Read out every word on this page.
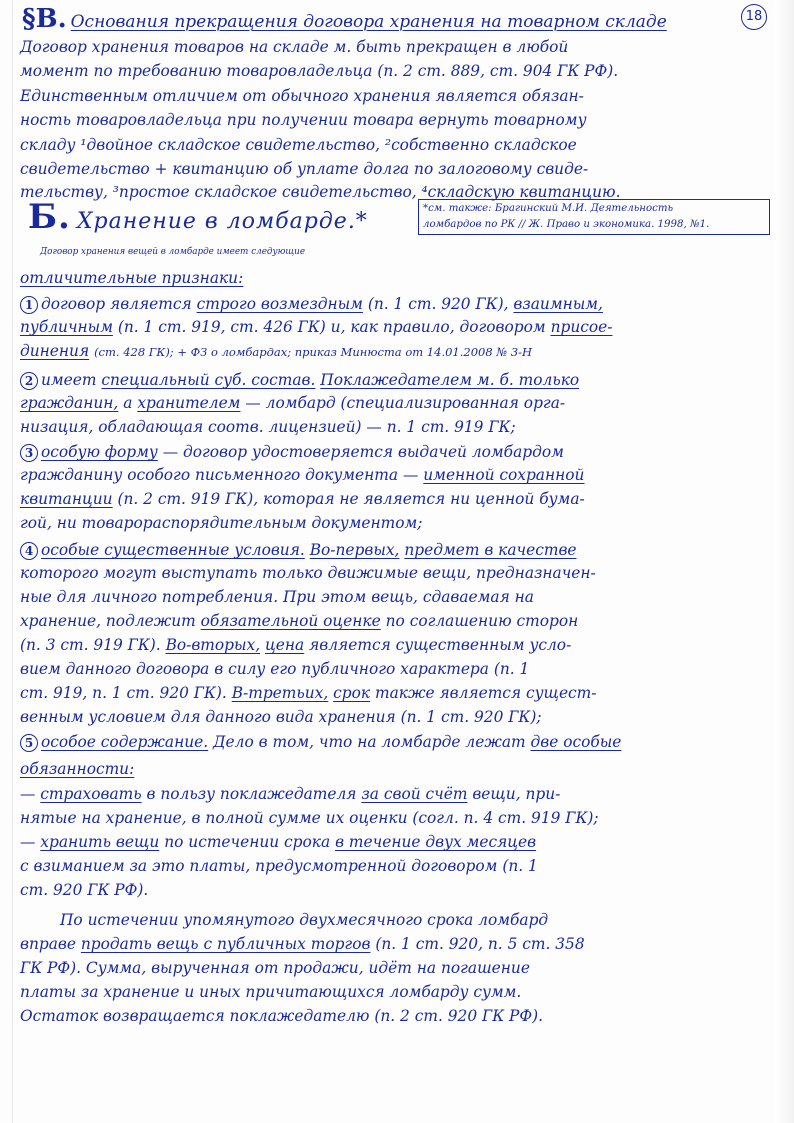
§В. Основания прекращения договора хранения на товарном складе	18
Договор хранения товаров на складе м. быть прекращен в любой
момент по требованию товаровладельца (п. 2 ст. 889, ст. 904 ГК РФ).
Единственным отличием от обычного хранения является обязан-
ность товаровладельца при получении товара вернуть товарному
складу ¹двойное складское свидетельство, ²собственно складское
свидетельство + квитанцию об уплате долга по залоговому свиде-
тельству, ³простое складское свидетельство, ⁴складскую квитанцию.
Б. Хранение в ломбарде.*
*см. также: Брагинский М.И. Деятельность
ломбардов по РК // Ж. Право и экономика. 1998, №1.
Договор хранения вещей в ломбарде имеет следующие
отличительные признаки:
1 договор является строго возмездным (п. 1 ст. 920 ГК), взаимным,
публичным (п. 1 ст. 919, ст. 426 ГК) и, как правило, договором присое-
динения (ст. 428 ГК); + ФЗ о ломбардах; приказ Минюста от 14.01.2008 № 3-Н
2 имеет специальный суб. состав. Поклажедателем м. б. только
гражданин, а хранителем — ломбард (специализированная орга-
низация, обладающая соотв. лицензией) — п. 1 ст. 919 ГК;
3 особую форму — договор удостоверяется выдачей ломбардом
гражданину особого письменного документа — именной сохранной
квитанции (п. 2 ст. 919 ГК), которая не является ни ценной бума-
гой, ни товарораспорядительным документом;
4 особые существенные условия. Во-первых, предмет в качестве
которого могут выступать только движимые вещи, предназначен-
ные для личного потребления. При этом вещь, сдаваемая на
хранение, подлежит обязательной оценке по соглашению сторон
(п. 3 ст. 919 ГК). Во-вторых, цена является существенным усло-
вием данного договора в силу его публичного характера (п. 1
ст. 919, п. 1 ст. 920 ГК). В-третьих, срок также является сущест-
венным условием для данного вида хранения (п. 1 ст. 920 ГК);
5 особое содержание. Дело в том, что на ломбарде лежат две особые
обязанности:
— страховать в пользу поклажедателя за свой счёт вещи, при-
нятые на хранение, в полной сумме их оценки (согл. п. 4 ст. 919 ГК);
— хранить вещи по истечении срока в течение двух месяцев
с взиманием за это платы, предусмотренной договором (п. 1
ст. 920 ГК РФ).
По истечении упомянутого двухмесячного срока ломбард
вправе продать вещь с публичных торгов (п. 1 ст. 920, п. 5 ст. 358
ГК РФ). Сумма, вырученная от продажи, идёт на погашение
платы за хранение и иных причитающихся ломбарду сумм.
Остаток возвращается поклажедателю (п. 2 ст. 920 ГК РФ).
